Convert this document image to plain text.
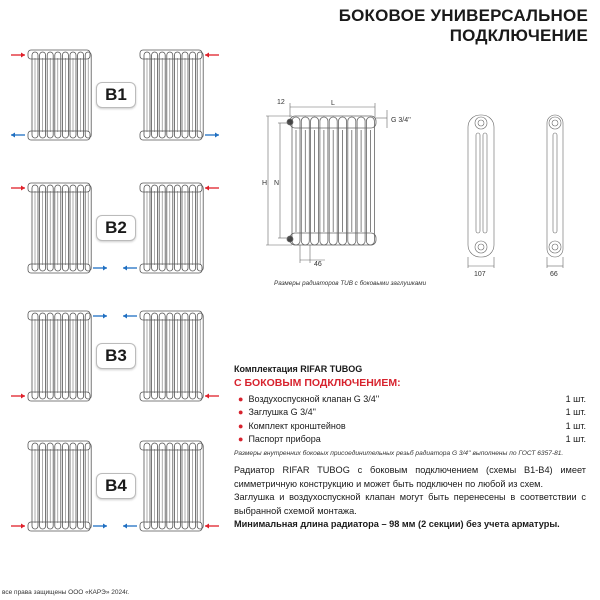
БОКОВОЕ УНИВЕРСАЛЬНОЕ
ПОДКЛЮЧЕНИЕ
B1
B2
B3
B4
12	L
G 3/4''
H N
46
107	66
Размеры радиаторов TUB с боковыми заглушками
Комплектация RIFAR TUBOG
С БОКОВЫМ ПОДКЛЮЧЕНИЕМ:
● Воздухоспускной клапан G 3/4''	1 шт.
● Заглушка G 3/4''	1 шт.
● Комплект кронштейнов	1 шт.
● Паспорт прибора	1 шт.
Размеры внутренних боковых присоединительных резьб радиатора G 3/4'' выполнены по ГОСТ 6357-81.
Радиатор RIFAR TUBOG с боковым подключением (схемы B1-B4) имеет симметричную конструкцию и может быть подключен по любой из схем.
Заглушка и воздухоспускной клапан могут быть перенесены в соответствии с выбранной схемой монтажа.
Минимальная длина радиатора – 98 мм (2 секции) без учета арматуры.
все права защищены ООО «КАРЭ» 2024г.
